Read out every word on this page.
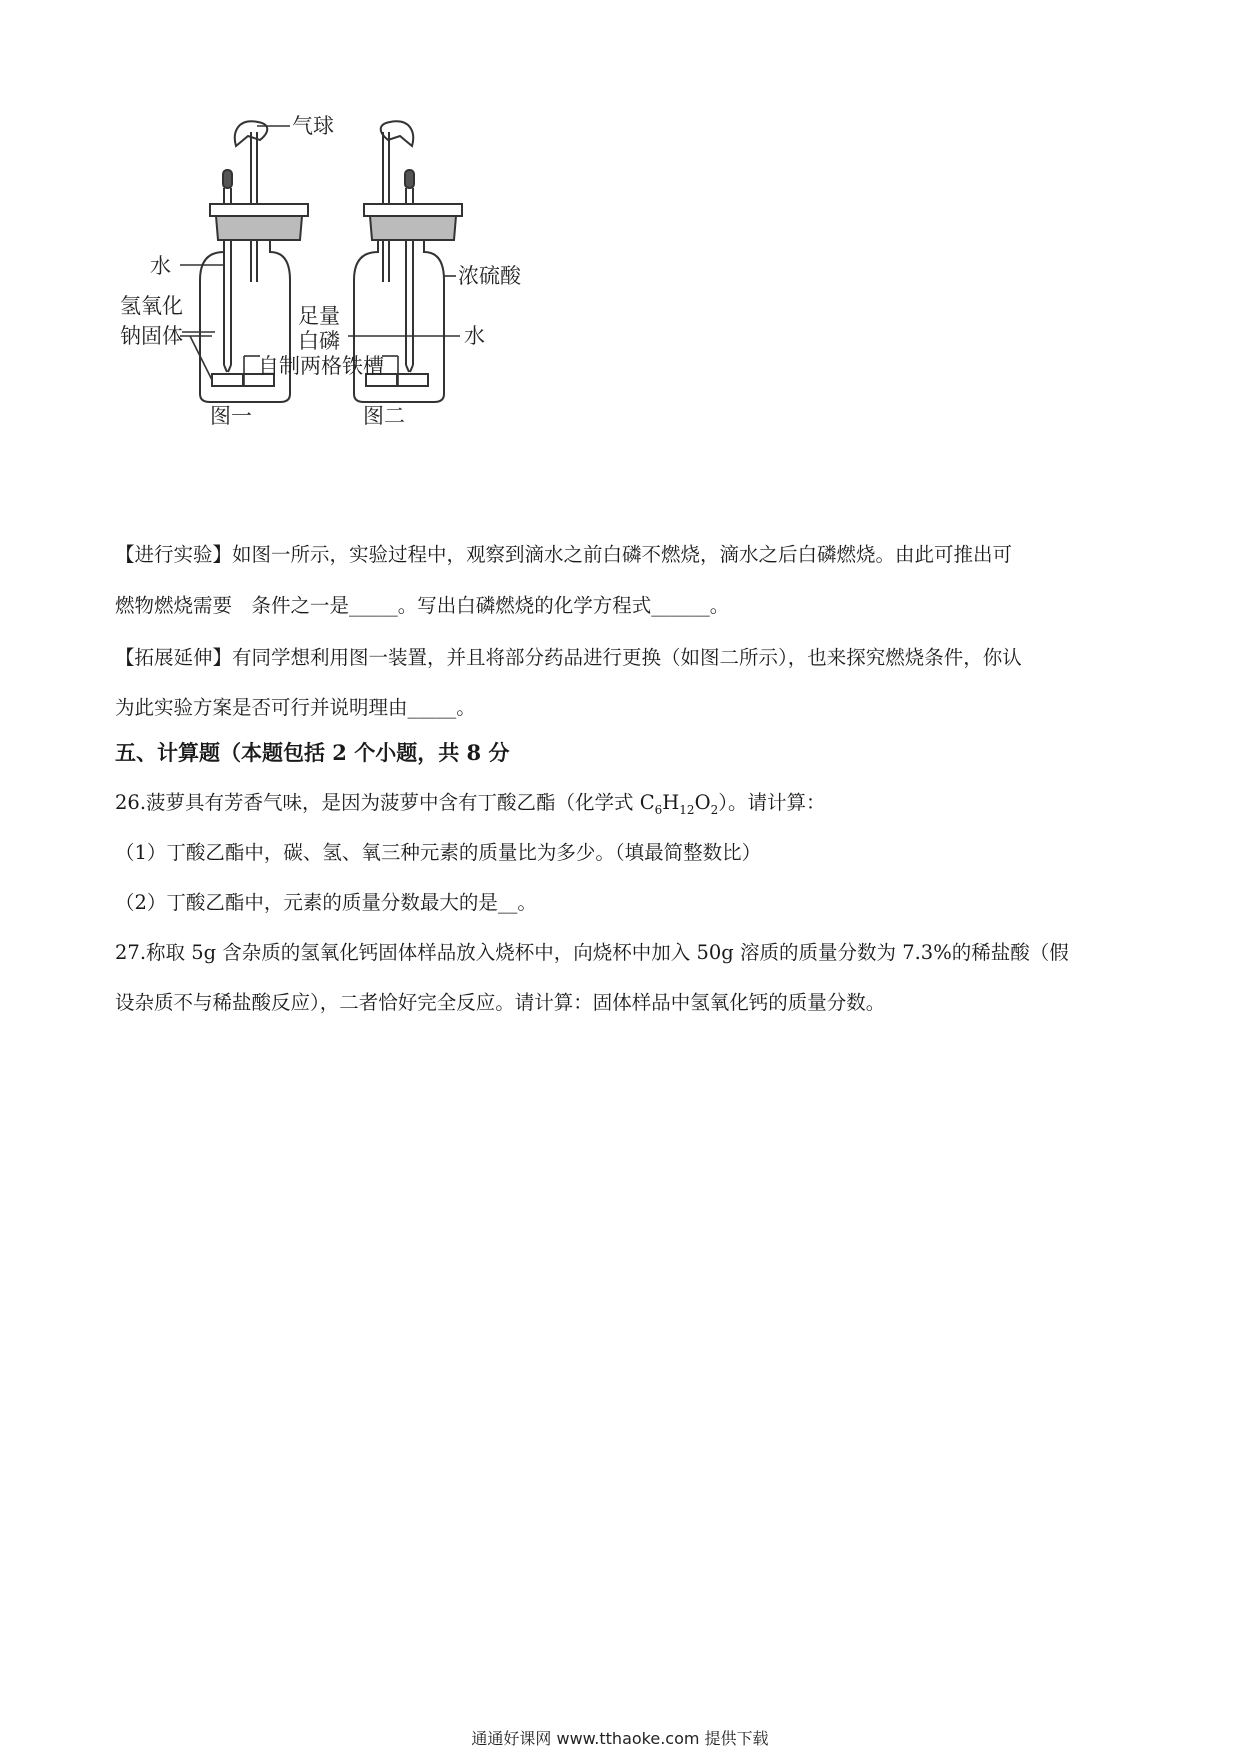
气球
水
氢氧化
钠固体
足量
白磷
自制两格铁槽
浓硫酸
水
图一	图二

【进行实验】如图一所示，实验过程中，观察到滴水之前白磷不燃烧，滴水之后白磷燃烧。由此可推出可

燃物燃烧需要　条件之一是_____。写出白磷燃烧的化学方程式______。

【拓展延伸】有同学想利用图一装置，并且将部分药品进行更换（如图二所示），也来探究燃烧条件，你认

为此实验方案是否可行并说明理由_____。

五、计算题（本题包括 2 个小题，共 8 分

26.菠萝具有芳香气味，是因为菠萝中含有丁酸乙酯（化学式 $C_6H_{12}O_2$）。请计算：

（1）丁酸乙酯中，碳、氢、氧三种元素的质量比为多少。（填最简整数比）

（2）丁酸乙酯中，元素的质量分数最大的是__。

27.称取 5g 含杂质的氢氧化钙固体样品放入烧杯中，向烧杯中加入 50g 溶质的质量分数为 7.3%的稀盐酸（假

设杂质不与稀盐酸反应），二者恰好完全反应。请计算：固体样品中氢氧化钙的质量分数。

通通好课网 www.tthaoke.com 提供下载
